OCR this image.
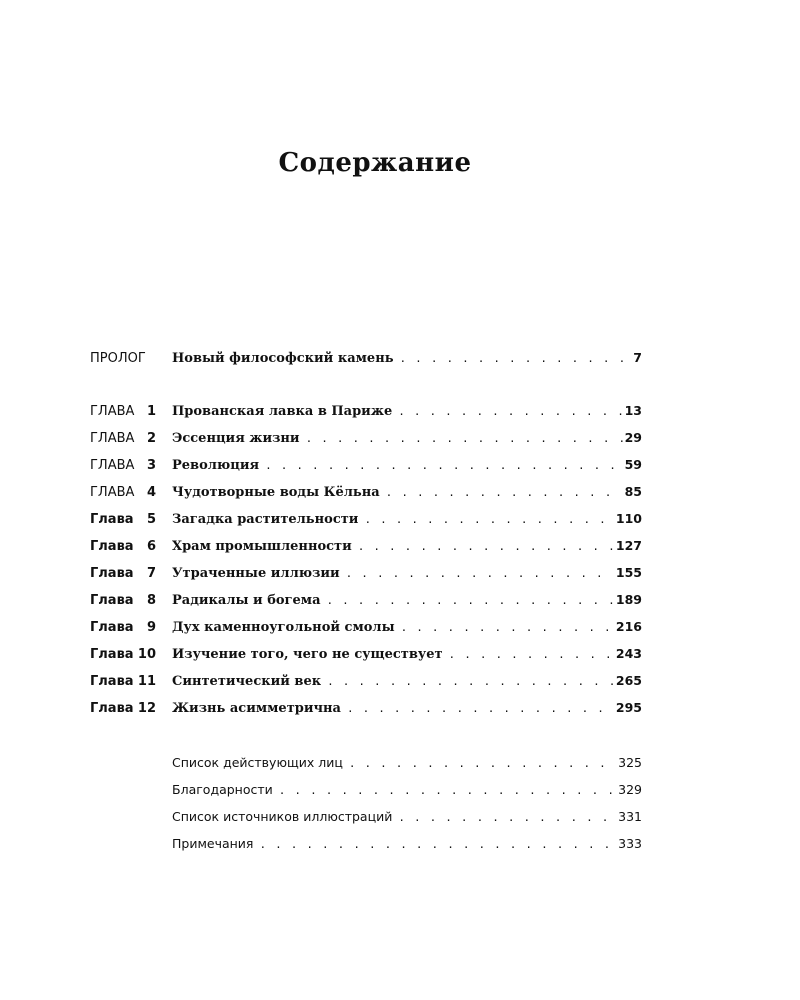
Содержание
ПРОЛОГ	Новый философский камень . . .	7
ГЛАВА 1 Прованская лавка в Париже . . .	13
ГЛАВА 2 Эссенция жизни . . .	29
ГЛАВА 3 Революция . . .	59
ГЛАВА 4 Чудотворные воды Кёльна . . .	85
Глава	5 Загадка растительности . . .	110
Глава	6 Храм промышленности . . .	127
Глава	7 Утраченные иллюзии . . .	155
Глава	8 Радикалы и богема . . .	189
Глава	9 Дух каменноугольной смолы . . .	216
Глава 10 Изучение того, чего не существует . . .	243
Глава 11 Синтетический век . . .	265
Глава 12 Жизнь асимметрична . . .	295
Список действующих лиц . . .	325
Благодарности . . .	329
Список источников иллюстраций . . .	331
Примечания . . .	333
